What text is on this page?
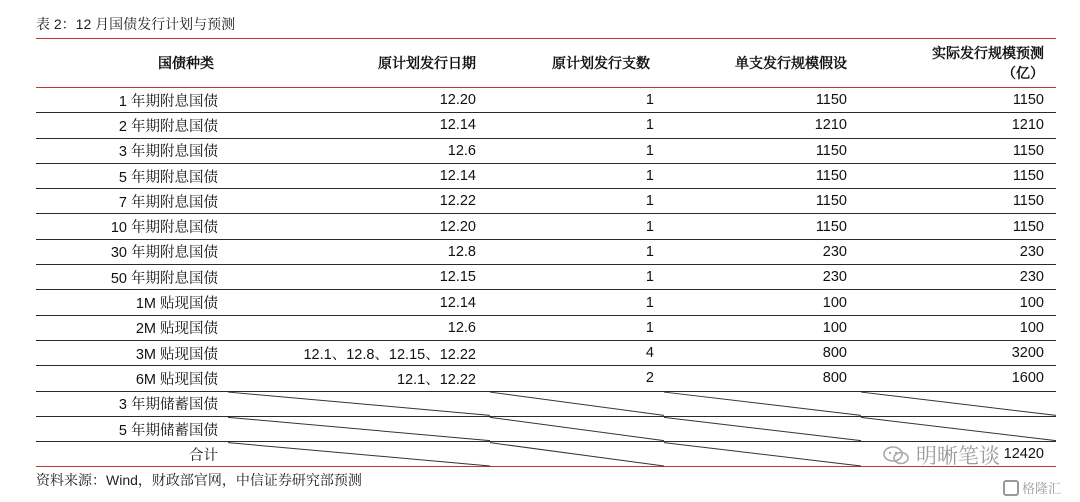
表 2：12 月国债发行计划与预测
国债种类	原计划发行日期	原计划发行支数	单支发行规模假设	实际发行规模预测
（亿）
1 年期附息国债	12.20	1	1150	1150
2 年期附息国债	12.14	1	1210	1210
3 年期附息国债	12.6	1	1150	1150
5 年期附息国债	12.14	1	1150	1150
7 年期附息国债	12.22	1	1150	1150
10 年期附息国债	12.20	1	1150	1150
30 年期附息国债	12.8	1	230	230
50 年期附息国债	12.15	1	230	230
1M 贴现国债	12.14	1	100	100
2M 贴现国债	12.6	1	100	100
3M 贴现国债	12.1、12.8、12.15、12.22	4	800	3200
6M 贴现国债	12.1、12.22	2	800	1600
3 年期储蓄国债				
5 年期储蓄国债				
合计				12420
资料来源：Wind，财政部官网，中信证券研究部预测
明晰笔谈
格隆汇
